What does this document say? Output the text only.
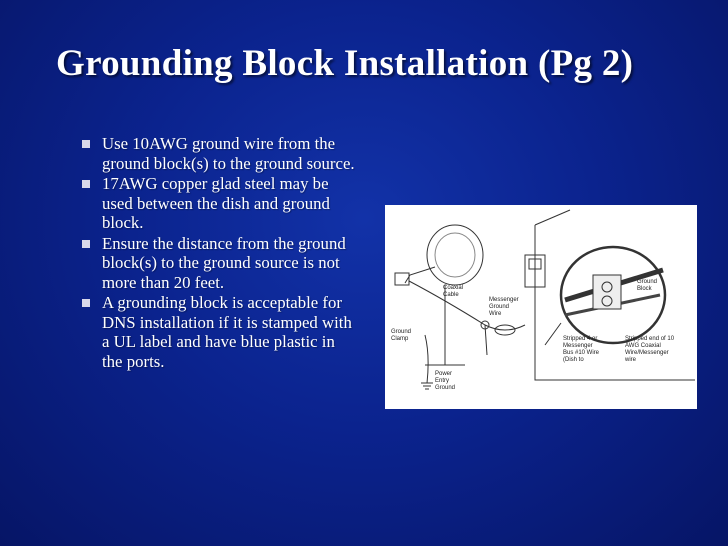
Grounding Block Installation (Pg 2)
Use 10AWG ground wire from the ground block(s) to the ground source.
17AWG copper glad steel may be used between the dish and ground block.
Ensure the distance from the ground block(s) to the ground source is not more than 20 feet.
A grounding block is acceptable for DNS installation if it is stamped with a UL label and have blue plastic in the ports.
Coaxial
Cable
Messenger
Ground
Wire
Ground
Clamp
Power
Entry
Ground
Ground
Block
Stripped 4 or
Messenger
Bus #10 Wire
(Dish to
Stripped end of 10
AWG Coaxial
Wire/Messenger
wire
